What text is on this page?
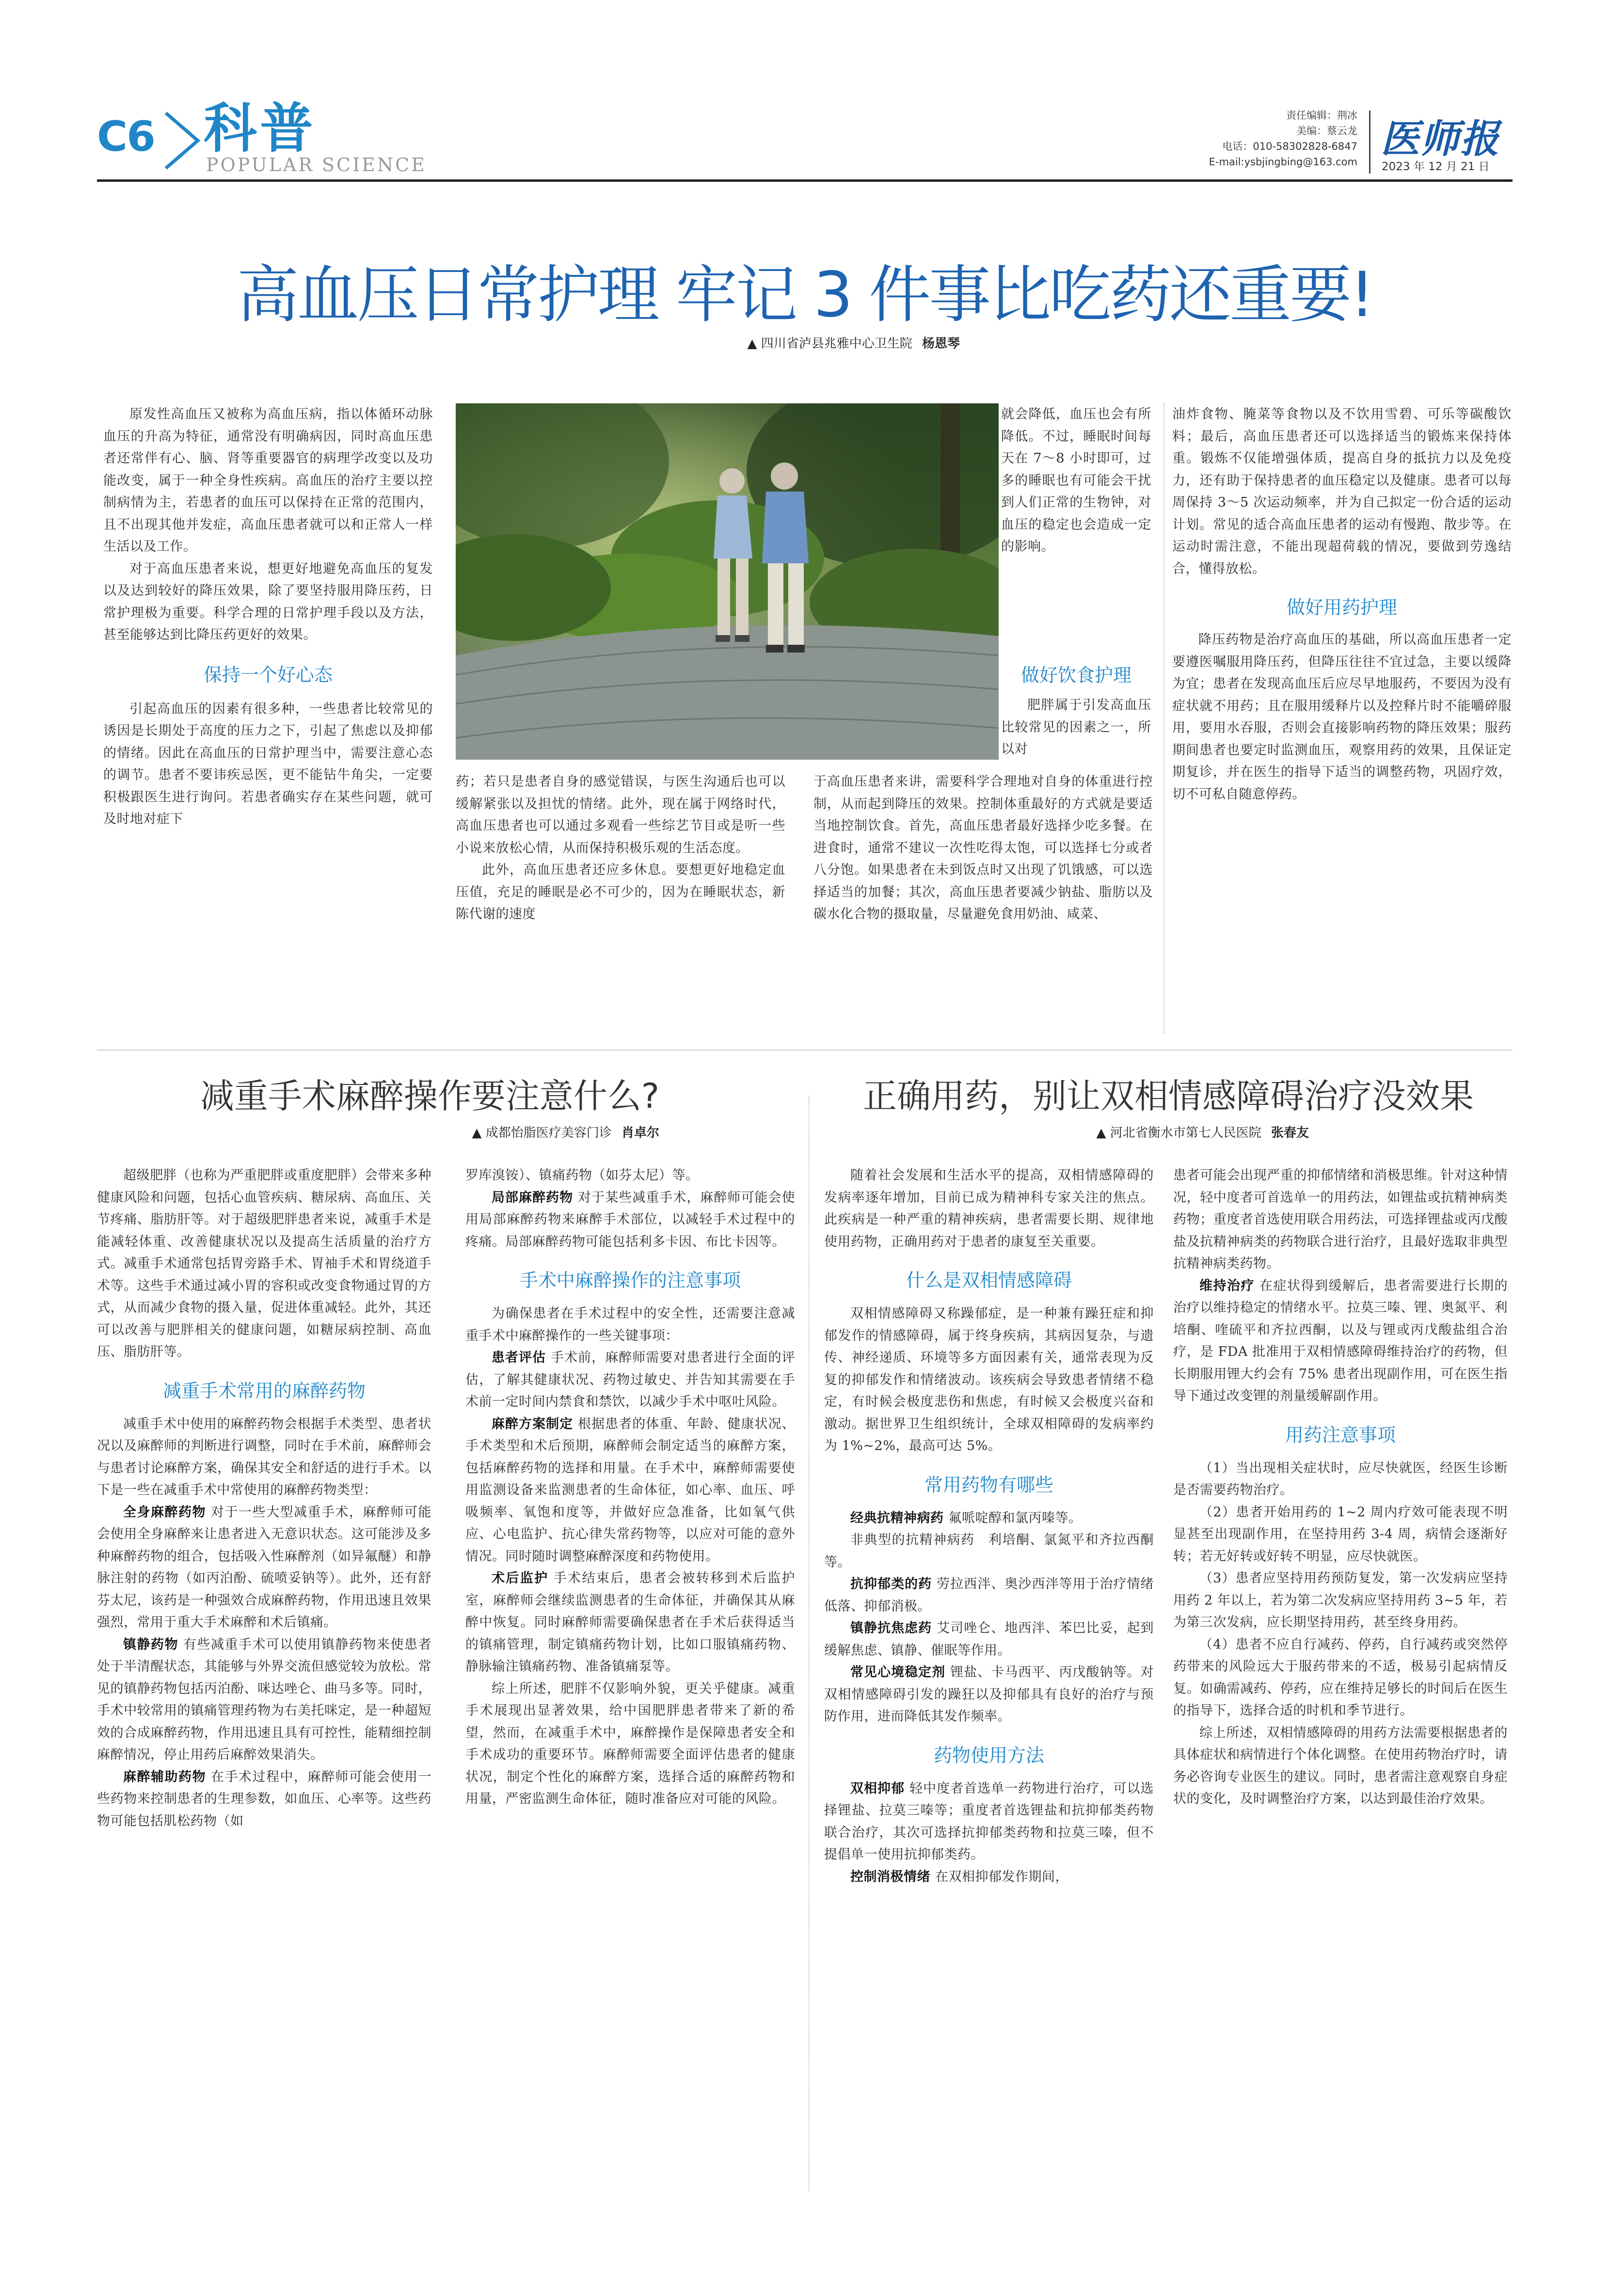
C6 科普
POPULAR SCIENCE
责任编辑：荆冰
美编：蔡云龙
电话：010-58302828-6847
E-mail:ysbjingbing@163.com
医师报
2023 年 12 月 21 日
高血压日常护理 牢记 3 件事比吃药还重要!
▲ 四川省泸县兆雅中心卫生院 杨恩琴

原发性高血压又被称为高血压病，指以体循环动脉血压的升高为特征，通常没有明确病因，同时高血压患者还常伴有心、脑、肾等重要器官的病理学改变以及功能改变，属于一种全身性疾病。高血压的治疗主要以控制病情为主，若患者的血压可以保持在正常的范围内，且不出现其他并发症，高血压患者就可以和正常人一样生活以及工作。

对于高血压患者来说，想更好地避免高血压的复发以及达到较好的降压效果，除了要坚持服用降压药，日常护理极为重要。科学合理的日常护理手段以及方法，甚至能够达到比降压药更好的效果。

保持一个好心态

引起高血压的因素有很多种，一些患者比较常见的诱因是长期处于高度的压力之下，引起了焦虑以及抑郁的情绪。因此在高血压的日常护理当中，需要注意心态的调节。患者不要讳疾忌医，更不能钻牛角尖，一定要积极跟医生进行询问。若患者确实存在某些问题，就可及时地对症下

药；若只是患者自身的感觉错误，与医生沟通后也可以缓解紧张以及担忧的情绪。此外，现在属于网络时代，高血压患者也可以通过多观看一些综艺节目或是听一些小说来放松心情，从而保持积极乐观的生活态度。

此外，高血压患者还应多休息。要想更好地稳定血压值，充足的睡眠是必不可少的，因为在睡眠状态，新陈代谢的速度

就会降低，血压也会有所降低。不过，睡眠时间每天在 7～8 小时即可，过多的睡眠也有可能会干扰到人们正常的生物钟，对血压的稳定也会造成一定的影响。

做好饮食护理

肥胖属于引发高血压比较常见的因素之一，所以对

于高血压患者来讲，需要科学合理地对自身的体重进行控制，从而起到降压的效果。控制体重最好的方式就是要适当地控制饮食。首先，高血压患者最好选择少吃多餐。在进食时，通常不建议一次性吃得太饱，可以选择七分或者八分饱。如果患者在未到饭点时又出现了饥饿感，可以选择适当的加餐；其次，高血压患者要减少钠盐、脂肪以及碳水化合物的摄取量，尽量避免食用奶油、咸菜、

油炸食物、腌菜等食物以及不饮用雪碧、可乐等碳酸饮料；最后，高血压患者还可以选择适当的锻炼来保持体重。锻炼不仅能增强体质，提高自身的抵抗力以及免疫力，还有助于保持患者的血压稳定以及健康。患者可以每周保持 3～5 次运动频率，并为自己拟定一份合适的运动计划。常见的适合高血压患者的运动有慢跑、散步等。在运动时需注意，不能出现超荷载的情况，要做到劳逸结合，懂得放松。

做好用药护理

降压药物是治疗高血压的基础，所以高血压患者一定要遵医嘱服用降压药，但降压往往不宜过急，主要以缓降为宜；患者在发现高血压后应尽早地服药，不要因为没有症状就不用药；且在服用缓释片以及控释片时不能嚼碎服用，要用水吞服，否则会直接影响药物的降压效果；服药期间患者也要定时监测血压，观察用药的效果，且保证定期复诊，并在医生的指导下适当的调整药物，巩固疗效，切不可私自随意停药。

减重手术麻醉操作要注意什么?
▲ 成都怡脂医疗美容门诊 肖卓尔

超级肥胖（也称为严重肥胖或重度肥胖）会带来多种健康风险和问题，包括心血管疾病、糖尿病、高血压、关节疼痛、脂肪肝等。对于超级肥胖患者来说，减重手术是能减轻体重、改善健康状况以及提高生活质量的治疗方式。减重手术通常包括胃旁路手术、胃袖手术和胃绕道手术等。这些手术通过减小胃的容积或改变食物通过胃的方式，从而减少食物的摄入量，促进体重减轻。此外，其还可以改善与肥胖相关的健康问题，如糖尿病控制、高血压、脂肪肝等。

减重手术常用的麻醉药物

减重手术中使用的麻醉药物会根据手术类型、患者状况以及麻醉师的判断进行调整，同时在手术前，麻醉师会与患者讨论麻醉方案，确保其安全和舒适的进行手术。以下是一些在减重手术中常使用的麻醉药物类型：

全身麻醉药物 对于一些大型减重手术，麻醉师可能会使用全身麻醉来让患者进入无意识状态。这可能涉及多种麻醉药物的组合，包括吸入性麻醉剂（如异氟醚）和静脉注射的药物（如丙泊酚、硫喷妥钠等）。此外，还有舒芬太尼，该药是一种强效合成麻醉药物，作用迅速且效果强烈，常用于重大手术麻醉和术后镇痛。

镇静药物 有些减重手术可以使用镇静药物来使患者处于半清醒状态，其能够与外界交流但感觉较为放松。常见的镇静药物包括丙泊酚、咪达唑仑、曲马多等。同时，手术中较常用的镇痛管理药物为右美托咪定，是一种超短效的合成麻醉药物，作用迅速且具有可控性，能精细控制麻醉情况，停止用药后麻醉效果消失。

麻醉辅助药物 在手术过程中，麻醉师可能会使用一些药物来控制患者的生理参数，如血压、心率等。这些药物可能包括肌松药物（如

罗库溴铵）、镇痛药物（如芬太尼）等。

局部麻醉药物 对于某些减重手术，麻醉师可能会使用局部麻醉药物来麻醉手术部位，以减轻手术过程中的疼痛。局部麻醉药物可能包括利多卡因、布比卡因等。

手术中麻醉操作的注意事项

为确保患者在手术过程中的安全性，还需要注意减重手术中麻醉操作的一些关键事项：

患者评估 手术前，麻醉师需要对患者进行全面的评估，了解其健康状况、药物过敏史、并告知其需要在手术前一定时间内禁食和禁饮，以减少手术中呕吐风险。

麻醉方案制定 根据患者的体重、年龄、健康状况、手术类型和术后预期，麻醉师会制定适当的麻醉方案，包括麻醉药物的选择和用量。在手术中，麻醉师需要使用监测设备来监测患者的生命体征，如心率、血压、呼吸频率、氧饱和度等，并做好应急准备，比如氧气供应、心电监护、抗心律失常药物等，以应对可能的意外情况。同时随时调整麻醉深度和药物使用。

术后监护 手术结束后，患者会被转移到术后监护室，麻醉师会继续监测患者的生命体征，并确保其从麻醉中恢复。同时麻醉师需要确保患者在手术后获得适当的镇痛管理，制定镇痛药物计划，比如口服镇痛药物、静脉输注镇痛药物、准备镇痛泵等。

综上所述，肥胖不仅影响外貌，更关乎健康。减重手术展现出显著效果，给中国肥胖患者带来了新的希望，然而，在减重手术中，麻醉操作是保障患者安全和手术成功的重要环节。麻醉师需要全面评估患者的健康状况，制定个性化的麻醉方案，选择合适的麻醉药物和用量，严密监测生命体征，随时准备应对可能的风险。

正确用药，别让双相情感障碍治疗没效果
▲ 河北省衡水市第七人民医院 张春友

随着社会发展和生活水平的提高，双相情感障碍的发病率逐年增加，目前已成为精神科专家关注的焦点。此疾病是一种严重的精神疾病，患者需要长期、规律地使用药物，正确用药对于患者的康复至关重要。

什么是双相情感障碍

双相情感障碍又称躁郁症，是一种兼有躁狂症和抑郁发作的情感障碍，属于终身疾病，其病因复杂，与遗传、神经递质、环境等多方面因素有关，通常表现为反复的抑郁发作和情绪波动。该疾病会导致患者情绪不稳定，有时候会极度悲伤和焦虑，有时候又会极度兴奋和激动。据世界卫生组织统计，全球双相障碍的发病率约为 1%~2%，最高可达 5%。

常用药物有哪些

经典抗精神病药 氟哌啶醇和氯丙嗪等。

非典型的抗精神病药　利培酮、氯氮平和齐拉西酮等。

抗抑郁类的药 劳拉西泮、奥沙西泮等用于治疗情绪低落、抑郁消极。

镇静抗焦虑药 艾司唑仑、地西泮、苯巴比妥，起到缓解焦虑、镇静、催眠等作用。

常见心境稳定剂 锂盐、卡马西平、丙戊酸钠等。对双相情感障碍引发的躁狂以及抑郁具有良好的治疗与预防作用，进而降低其发作频率。

药物使用方法

双相抑郁 轻中度者首选单一药物进行治疗，可以选择锂盐、拉莫三嗪等；重度者首选锂盐和抗抑郁类药物联合治疗，其次可选择抗抑郁类药物和拉莫三嗪，但不提倡单一使用抗抑郁类药。

控制消极情绪 在双相抑郁发作期间，

患者可能会出现严重的抑郁情绪和消极思维。针对这种情况，轻中度者可首选单一的用药法，如锂盐或抗精神病类药物；重度者首选使用联合用药法，可选择锂盐或丙戊酸盐及抗精神病类的药物联合进行治疗，且最好选取非典型抗精神病类药物。

维持治疗 在症状得到缓解后，患者需要进行长期的治疗以维持稳定的情绪水平。拉莫三嗪、锂、奥氮平、利培酮、喹硫平和齐拉西酮，以及与锂或丙戊酸盐组合治疗，是 FDA 批准用于双相情感障碍维持治疗的药物，但长期服用锂大约会有 75% 患者出现副作用，可在医生指导下通过改变锂的剂量缓解副作用。

用药注意事项

（1）当出现相关症状时，应尽快就医，经医生诊断是否需要药物治疗。

（2）患者开始用药的 1~2 周内疗效可能表现不明显甚至出现副作用，在坚持用药 3-4 周，病情会逐渐好转；若无好转或好转不明显，应尽快就医。

（3）患者应坚持用药预防复发，第一次发病应坚持用药 2 年以上，若为第二次发病应坚持用药 3~5 年，若为第三次发病，应长期坚持用药，甚至终身用药。

（4）患者不应自行减药、停药，自行减药或突然停药带来的风险远大于服药带来的不适，极易引起病情反复。如确需减药、停药，应在维持足够长的时间后在医生的指导下，选择合适的时机和季节进行。

综上所述，双相情感障碍的用药方法需要根据患者的具体症状和病情进行个体化调整。在使用药物治疗时，请务必咨询专业医生的建议。同时，患者需注意观察自身症状的变化，及时调整治疗方案，以达到最佳治疗效果。
